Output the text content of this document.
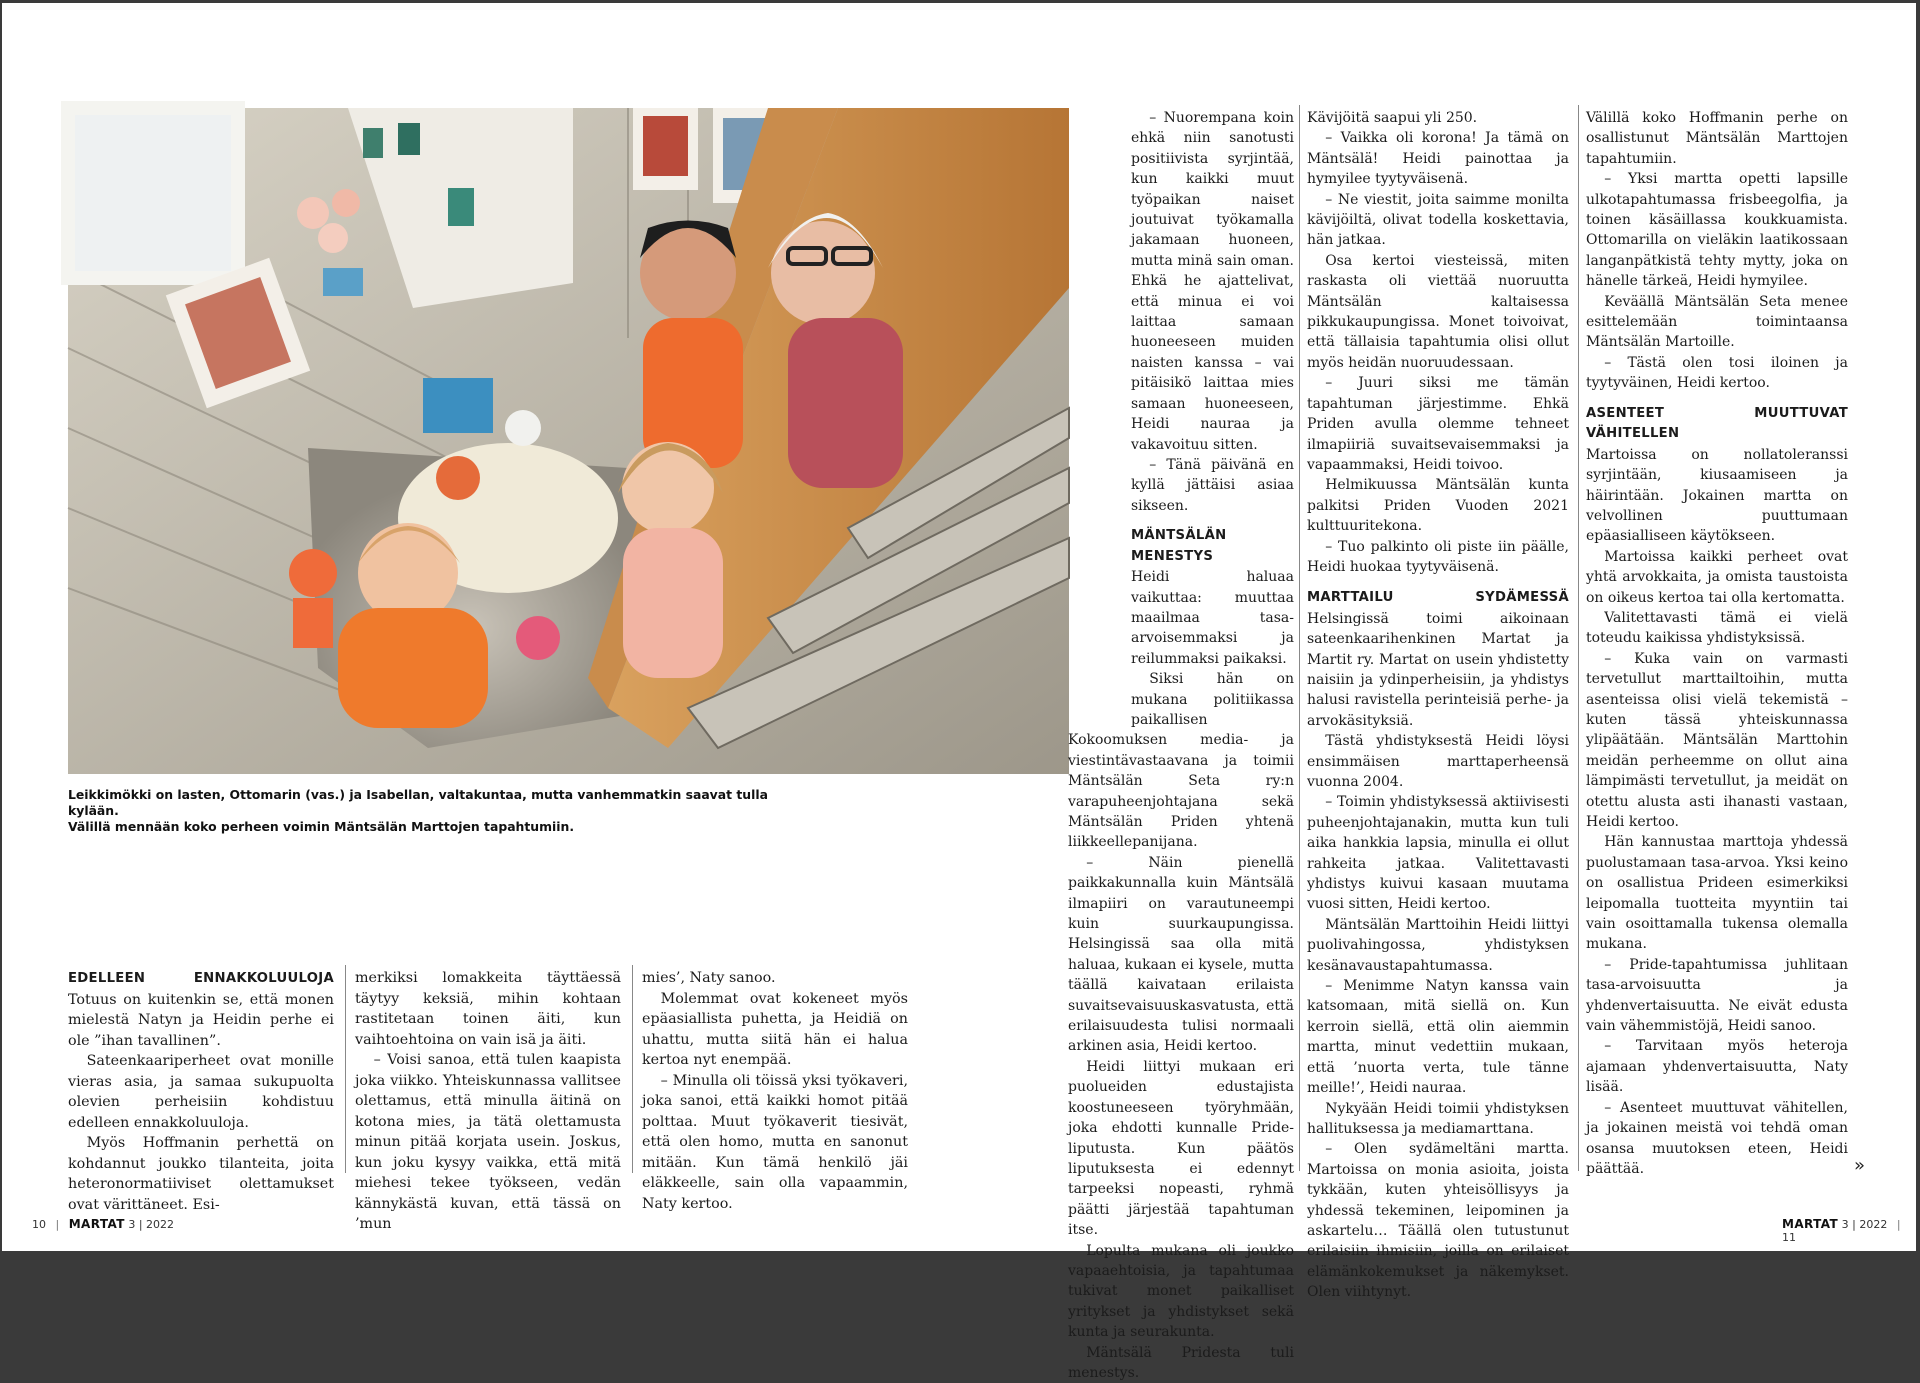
Leikkimökki on lasten, Ottomarin (vas.) ja Isabellan, valtakuntaa, mutta vanhemmatkin saavat tulla kylään.
Välillä mennään koko perheen voimin Mäntsälän Marttojen tapahtumiin.

EDELLEEN ENNAKKOLUULOJA Totuus on kuitenkin se, että monen mielestä Natyn ja Heidin perhe ei ole ”ihan tavallinen”.

Sateenkaariperheet ovat monille vieras asia, ja samaa sukupuolta olevien perheisiin kohdistuu edelleen ennakkoluuloja.

Myös Hoffmanin perhettä on kohdannut joukko tilanteita, joita heteronormatiiviset olettamukset ovat värittäneet. Esi-

merkiksi lomakkeita täyttäessä täytyy keksiä, mihin kohtaan rastitetaan toinen äiti, kun vaihtoehtoina on vain isä ja äiti.

– Voisi sanoa, että tulen kaapista joka viikko. Yhteiskunnassa vallitsee olettamus, että minulla äitinä on kotona mies, ja tätä olettamusta minun pitää korjata usein. Joskus, kun joku kysyy vaikka, että mitä miehesi tekee työkseen, vedän kännykästä kuvan, että tässä on ’mun

mies’, Naty sanoo.

Molemmat ovat kokeneet myös epäasiallista puhetta, ja Heidiä on uhattu, mutta siitä hän ei halua kertoa nyt enempää.

– Minulla oli töissä yksi työkaveri, joka sanoi, että kaikki homot pitää polttaa. Muut työkaverit tiesivät, että olen homo, mutta en sanonut mitään. Kun tämä henkilö jäi eläkkeelle, sain olla vapaammin, Naty kertoo.

– Nuorempana koin ehkä niin sanotusti positiivista syrjintää, kun kaikki muut työpaikan naiset joutuivat työkamalla jakamaan huoneen, mutta minä sain oman. Ehkä he ajattelivat, että minua ei voi laittaa samaan huoneeseen muiden naisten kanssa – vai pitäisikö laittaa mies samaan huoneeseen, Heidi nauraa ja vakavoituu sitten.

– Tänä päivänä en kyllä jättäisi asiaa sikseen.

MÄNTSÄLÄN MENESTYS

Heidi haluaa vaikuttaa: muuttaa maailmaa tasa-arvoisemmaksi ja reilummaksi paikaksi.

Siksi hän on mukana politiikassa paikallisen Kokoomuksen media- ja viestintävastaavana ja toimii Mäntsälän Seta ry:n varapuheenjohtajana sekä Mäntsälän Priden yhtenä liikkeellepanijana.

– Näin pienellä paikkakunnalla kuin Mäntsälä ilmapiiri on varautuneempi kuin suurkaupungissa. Helsingissä saa olla mitä haluaa, kukaan ei kysele, mutta täällä kaivataan erilaista suvaitsevaisuuskasvatusta, että erilaisuudesta tulisi normaali arkinen asia, Heidi kertoo.

Heidi liittyi mukaan eri puolueiden edustajista koostuneeseen työryhmään, joka ehdotti kunnalle Pride-liputusta. Kun päätös liputuksesta ei edennyt tarpeeksi nopeasti, ryhmä päätti järjestää tapahtuman itse.

Lopulta mukana oli joukko vapaaehtoisia, ja tapahtumaa tukivat monet paikalliset yritykset ja yhdistykset sekä kunta ja seurakunta.

Mäntsälä Pridesta tuli menestys.

Kävijöitä saapui yli 250.

– Vaikka oli korona! Ja tämä on Mäntsälä! Heidi painottaa ja hymyilee tyytyväisenä.

– Ne viestit, joita saimme monilta kävijöiltä, olivat todella koskettavia, hän jatkaa.

Osa kertoi viesteissä, miten raskasta oli viettää nuoruutta Mäntsälän kaltaisessa pikkukaupungissa. Monet toivoivat, että tällaisia tapahtumia olisi ollut myös heidän nuoruudessaan.

– Juuri siksi me tämän tapahtuman järjestimme. Ehkä Priden avulla olemme tehneet ilmapiiriä suvaitsevaisemmaksi ja vapaammaksi, Heidi toivoo.

Helmikuussa Mäntsälän kunta palkitsi Priden Vuoden 2021 kulttuuritekona.

– Tuo palkinto oli piste iin päälle, Heidi huokaa tyytyväisenä.

MARTTAILU SYDÄMESSÄ Helsingissä toimi aikoinaan sateenkaarihenkinen Martat ja Martit ry. Martat on usein yhdistetty naisiin ja ydinperheisiin, ja yhdistys halusi ravistella perinteisiä perhe- ja arvokäsityksiä.

Tästä yhdistyksestä Heidi löysi ensimmäisen marttaperheensä vuonna 2004.

– Toimin yhdistyksessä aktiivisesti puheenjohtajanakin, mutta kun tuli aika hankkia lapsia, minulla ei ollut rahkeita jatkaa. Valitettavasti yhdistys kuivui kasaan muutama vuosi sitten, Heidi kertoo.

Mäntsälän Marttoihin Heidi liittyi puolivahingossa, yhdistyksen kesänavaustapahtumassa.

– Menimme Natyn kanssa vain katsomaan, mitä siellä on. Kun kerroin siellä, että olin aiemmin martta, minut vedettiin mukaan, että ’nuorta verta, tule tänne meille!’, Heidi nauraa.

Nykyään Heidi toimii yhdistyksen hallituksessa ja mediamarttana.

– Olen sydämeltäni martta. Martoissa on monia asioita, joista tykkään, kuten yhteisöllisyys ja yhdessä tekeminen, leipominen ja askartelu… Täällä olen tutustunut erilaisiin ihmisiin, joilla on erilaiset elämänkokemukset ja näkemykset. Olen viihtynyt.

Välillä koko Hoffmanin perhe on osallistunut Mäntsälän Marttojen tapahtumiin.

– Yksi martta opetti lapsille ulkotapahtumassa frisbeegolfia, ja toinen käsäillassa koukkuamista. Ottomarilla on vieläkin laatikossaan langanpätkistä tehty mytty, joka on hänelle tärkeä, Heidi hymyilee.

Keväällä Mäntsälän Seta menee esittelemään toimintaansa Mäntsälän Martoille.

– Tästä olen tosi iloinen ja tyytyväinen, Heidi kertoo.

ASENTEET MUUTTUVAT VÄHITELLEN

Martoissa on nollatoleranssi syrjintään, kiusaamiseen ja häirintään. Jokainen martta on velvollinen puuttumaan epäasialliseen käytökseen.

Martoissa kaikki perheet ovat yhtä arvokkaita, ja omista taustoista on oikeus kertoa tai olla kertomatta.

Valitettavasti tämä ei vielä toteudu kaikissa yhdistyksissä.

– Kuka vain on varmasti tervetullut marttailtoihin, mutta asenteissa olisi vielä tekemistä – kuten tässä yhteiskunnassa ylipäätään. Mäntsälän Marttohin meidän perheemme on ollut aina lämpimästi tervetullut, ja meidät on otettu alusta asti ihanasti vastaan, Heidi kertoo.

Hän kannustaa marttoja yhdessä puolustamaan tasa-arvoa. Yksi keino on osallistua Prideen esimerkiksi leipomalla tuotteita myyntiin tai vain osoittamalla tukensa olemalla mukana.

– Pride-tapahtumissa juhlitaan tasa-arvoisuutta ja yhdenvertaisuutta. Ne eivät edusta vain vähemmistöjä, Heidi sanoo.

– Tarvitaan myös heteroja ajamaan yhdenvertaisuutta, Naty lisää.

– Asenteet muuttuvat vähitellen, ja jokainen meistä voi tehdä oman osansa muutoksen eteen, Heidi päättää.	»
10 | MARTAT 3 | 2022	MARTAT 3 | 2022 | 11
